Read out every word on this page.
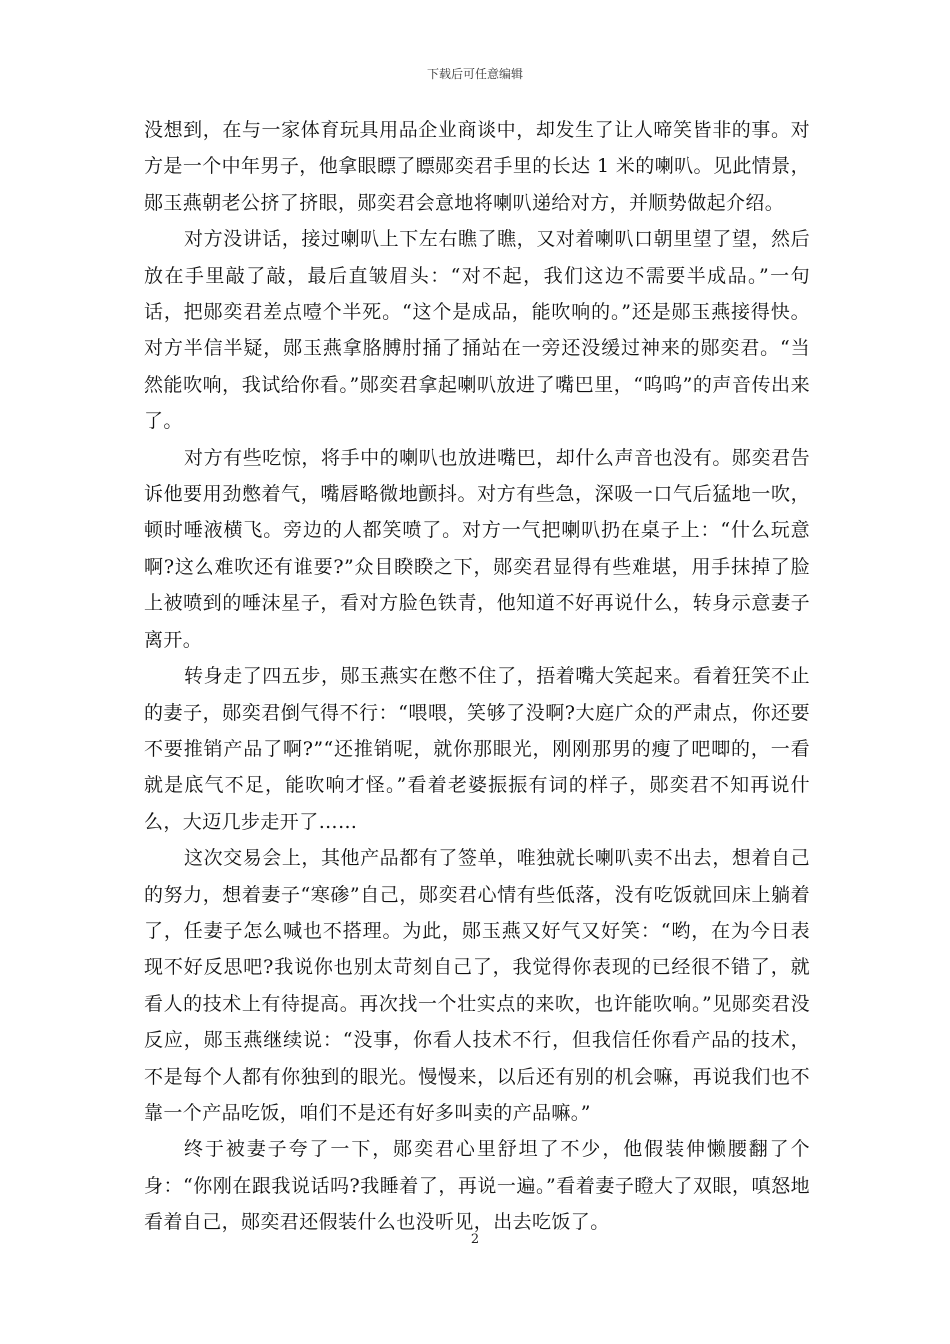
下载后可任意编辑

没想到，在与一家体育玩具用品企业商谈中，却发生了让人啼笑皆非的事。对方是一个中年男子，他拿眼瞟了瞟郧奕君手里的长达 1 米的喇叭。见此情景，郧玉燕朝老公挤了挤眼，郧奕君会意地将喇叭递给对方，并顺势做起介绍。

对方没讲话，接过喇叭上下左右瞧了瞧，又对着喇叭口朝里望了望，然后放在手里敲了敲，最后直皱眉头：“对不起，我们这边不需要半成品。”一句话，把郧奕君差点噎个半死。“这个是成品，能吹响的。”还是郧玉燕接得快。对方半信半疑，郧玉燕拿胳膊肘捅了捅站在一旁还没缓过神来的郧奕君。“当然能吹响，我试给你看。”郧奕君拿起喇叭放进了嘴巴里，“呜呜”的声音传出来了。

对方有些吃惊，将手中的喇叭也放进嘴巴，却什么声音也没有。郧奕君告诉他要用劲憋着气，嘴唇略微地颤抖。对方有些急，深吸一口气后猛地一吹，顿时唾液横飞。旁边的人都笑喷了。对方一气把喇叭扔在桌子上：“什么玩意啊?这么难吹还有谁要?”众目睽睽之下，郧奕君显得有些难堪，用手抹掉了脸上被喷到的唾沫星子，看对方脸色铁青，他知道不好再说什么，转身示意妻子离开。

转身走了四五步，郧玉燕实在憋不住了，捂着嘴大笑起来。看着狂笑不止的妻子，郧奕君倒气得不行：“喂喂，笑够了没啊?大庭广众的严肃点，你还要不要推销产品了啊?”“还推销呢，就你那眼光，刚刚那男的瘦了吧唧的，一看就是底气不足，能吹响才怪。”看着老婆振振有词的样子，郧奕君不知再说什么，大迈几步走开了……

这次交易会上，其他产品都有了签单，唯独就长喇叭卖不出去，想着自己的努力，想着妻子“寒碜”自己，郧奕君心情有些低落，没有吃饭就回床上躺着了，任妻子怎么喊也不搭理。为此，郧玉燕又好气又好笑：“哟，在为今日表现不好反思吧?我说你也别太苛刻自己了，我觉得你表现的已经很不错了，就看人的技术上有待提高。再次找一个壮实点的来吹，也许能吹响。”见郧奕君没反应，郧玉燕继续说：“没事，你看人技术不行，但我信任你看产品的技术，不是每个人都有你独到的眼光。慢慢来，以后还有别的机会嘛，再说我们也不靠一个产品吃饭，咱们不是还有好多叫卖的产品嘛。”

终于被妻子夸了一下，郧奕君心里舒坦了不少，他假装伸懒腰翻了个身：“你刚在跟我说话吗?我睡着了，再说一遍。”看着妻子瞪大了双眼，嗔怒地看着自己，郧奕君还假装什么也没听见，出去吃饭了。

2
